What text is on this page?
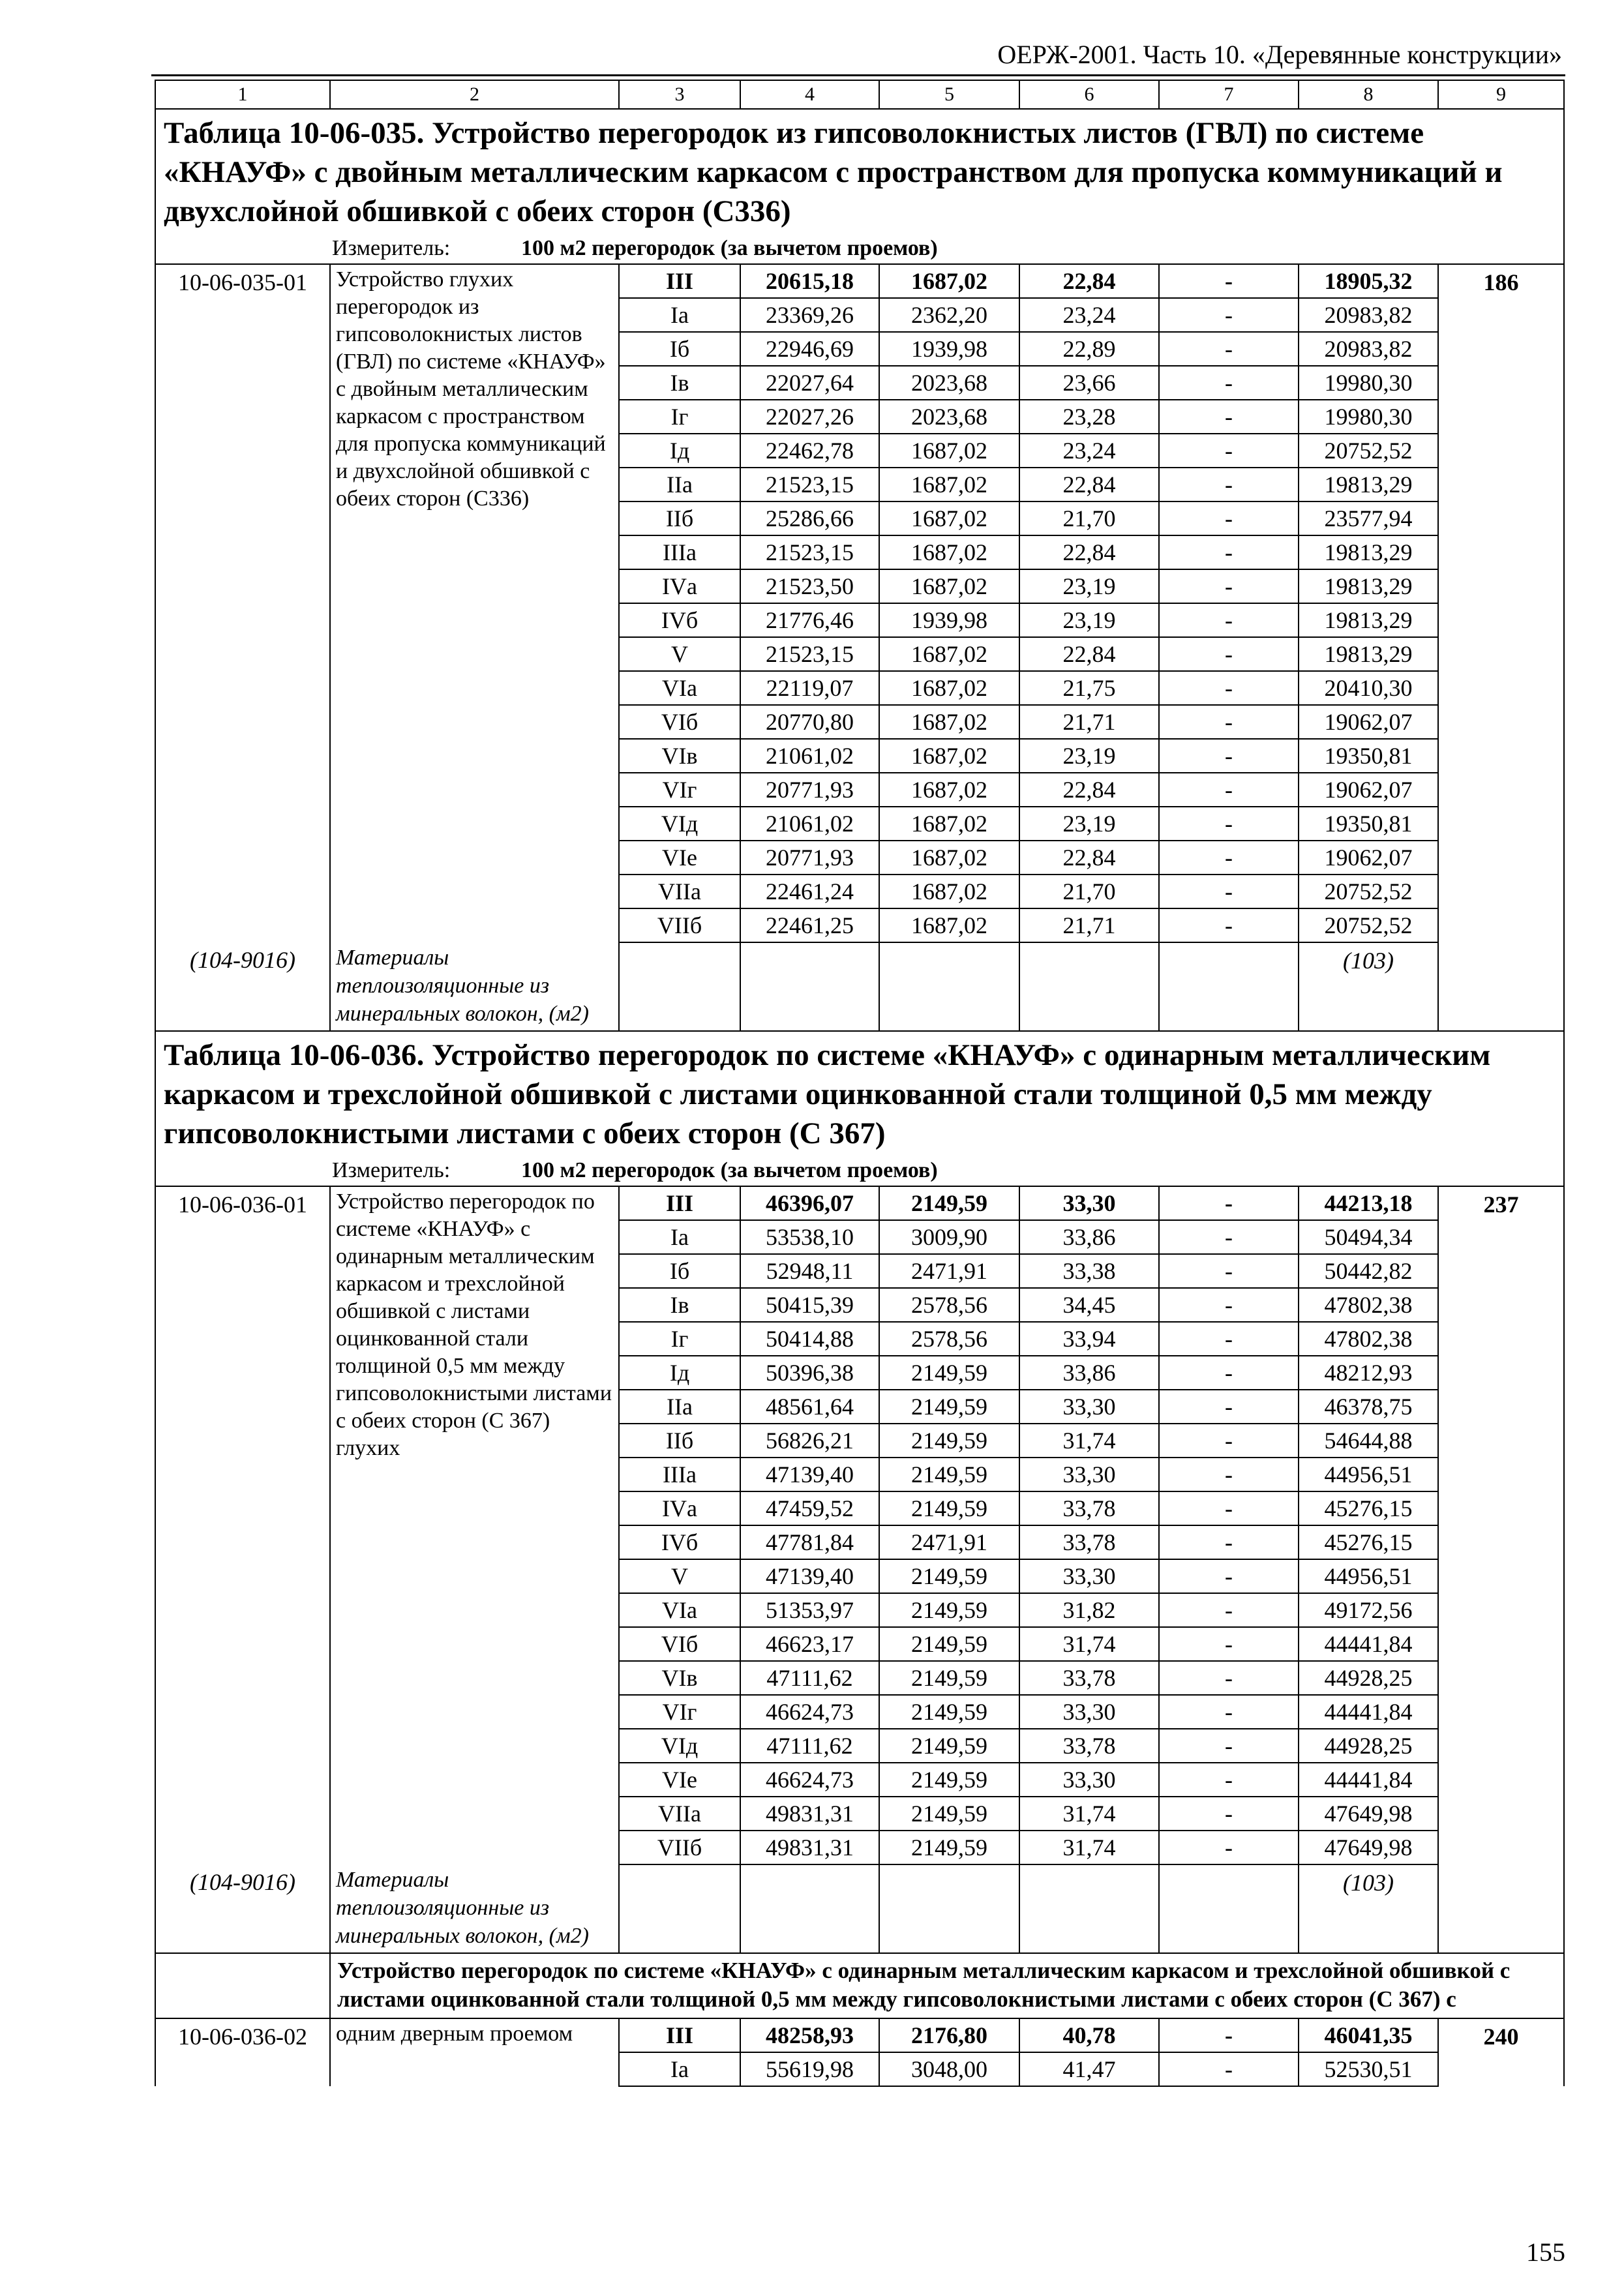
ОЕРЖ-2001. Часть 10. «Деревянные конструкции»
1	2	3	4	5	6	7	8	9
Таблица 10-06-035. Устройство перегородок из гипсоволокнистых листов (ГВЛ) по системе «КНАУФ» с двойным металлическим каркасом с пространством для пропуска коммуникаций и двухслойной обшивкой с обеих сторон (С336)								
Измеритель: 100 м2 перегородок (за вычетом проемов)								
10-06-035-01	Устройство глухих перегородок из гипсоволокнистых листов (ГВЛ) по системе «КНАУФ» с двойным металлическим каркасом с пространством для пропуска коммуникаций и двухслойной обшивкой с обеих сторон (С336)	III	20615,18	1687,02	22,84	-	18905,32	186
		Iа	23369,26	2362,20	23,24	-	20983,82	
		Iб	22946,69	1939,98	22,89	-	20983,82	
		Iв	22027,64	2023,68	23,66	-	19980,30	
		Iг	22027,26	2023,68	23,28	-	19980,30	
		Iд	22462,78	1687,02	23,24	-	20752,52	
		IIа	21523,15	1687,02	22,84	-	19813,29	
		IIб	25286,66	1687,02	21,70	-	23577,94	
		IIIа	21523,15	1687,02	22,84	-	19813,29	
		IVа	21523,50	1687,02	23,19	-	19813,29	
		IVб	21776,46	1939,98	23,19	-	19813,29	
		V	21523,15	1687,02	22,84	-	19813,29	
		VIа	22119,07	1687,02	21,75	-	20410,30	
		VIб	20770,80	1687,02	21,71	-	19062,07	
		VIв	21061,02	1687,02	23,19	-	19350,81	
		VIг	20771,93	1687,02	22,84	-	19062,07	
		VIд	21061,02	1687,02	23,19	-	19350,81	
		VIе	20771,93	1687,02	22,84	-	19062,07	
		VIIа	22461,24	1687,02	21,70	-	20752,52	
		VIIб	22461,25	1687,02	21,71	-	20752,52	
(104-9016)	Материалы теплоизоляционные из минеральных волокон, (м2)						(103)	
Таблица 10-06-036. Устройство перегородок по системе «КНАУФ» с одинарным металлическим каркасом и трехслойной обшивкой с листами оцинкованной стали толщиной 0,5 мм между гипсоволокнистыми листами с обеих сторон (С 367)								
Измеритель: 100 м2 перегородок (за вычетом проемов)								
10-06-036-01	Устройство перегородок по системе «КНАУФ» с одинарным металлическим каркасом и трехслойной обшивкой с листами оцинкованной стали толщиной 0,5 мм между гипсоволокнистыми листами с обеих сторон (С 367) глухих	III	46396,07	2149,59	33,30	-	44213,18	237
		Iа	53538,10	3009,90	33,86	-	50494,34	
		Iб	52948,11	2471,91	33,38	-	50442,82	
		Iв	50415,39	2578,56	34,45	-	47802,38	
		Iг	50414,88	2578,56	33,94	-	47802,38	
		Iд	50396,38	2149,59	33,86	-	48212,93	
		IIа	48561,64	2149,59	33,30	-	46378,75	
		IIб	56826,21	2149,59	31,74	-	54644,88	
		IIIа	47139,40	2149,59	33,30	-	44956,51	
		IVа	47459,52	2149,59	33,78	-	45276,15	
		IVб	47781,84	2471,91	33,78	-	45276,15	
		V	47139,40	2149,59	33,30	-	44956,51	
		VIа	51353,97	2149,59	31,82	-	49172,56	
		VIб	46623,17	2149,59	31,74	-	44441,84	
		VIв	47111,62	2149,59	33,78	-	44928,25	
		VIг	46624,73	2149,59	33,30	-	44441,84	
		VIд	47111,62	2149,59	33,78	-	44928,25	
		VIе	46624,73	2149,59	33,30	-	44441,84	
		VIIа	49831,31	2149,59	31,74	-	47649,98	
		VIIб	49831,31	2149,59	31,74	-	47649,98	
(104-9016)	Материалы теплоизоляционные из минеральных волокон, (м2)						(103)	
	Устройство перегородок по системе «КНАУФ» с одинарным металлическим каркасом и трехслойной обшивкой с листами оцинкованной стали толщиной 0,5 мм между гипсоволокнистыми листами с обеих сторон (С 367) с							
10-06-036-02	одним дверным проемом	III	48258,93	2176,80	40,78	-	46041,35	240
		Iа	55619,98	3048,00	41,47	-	52530,51	
155
